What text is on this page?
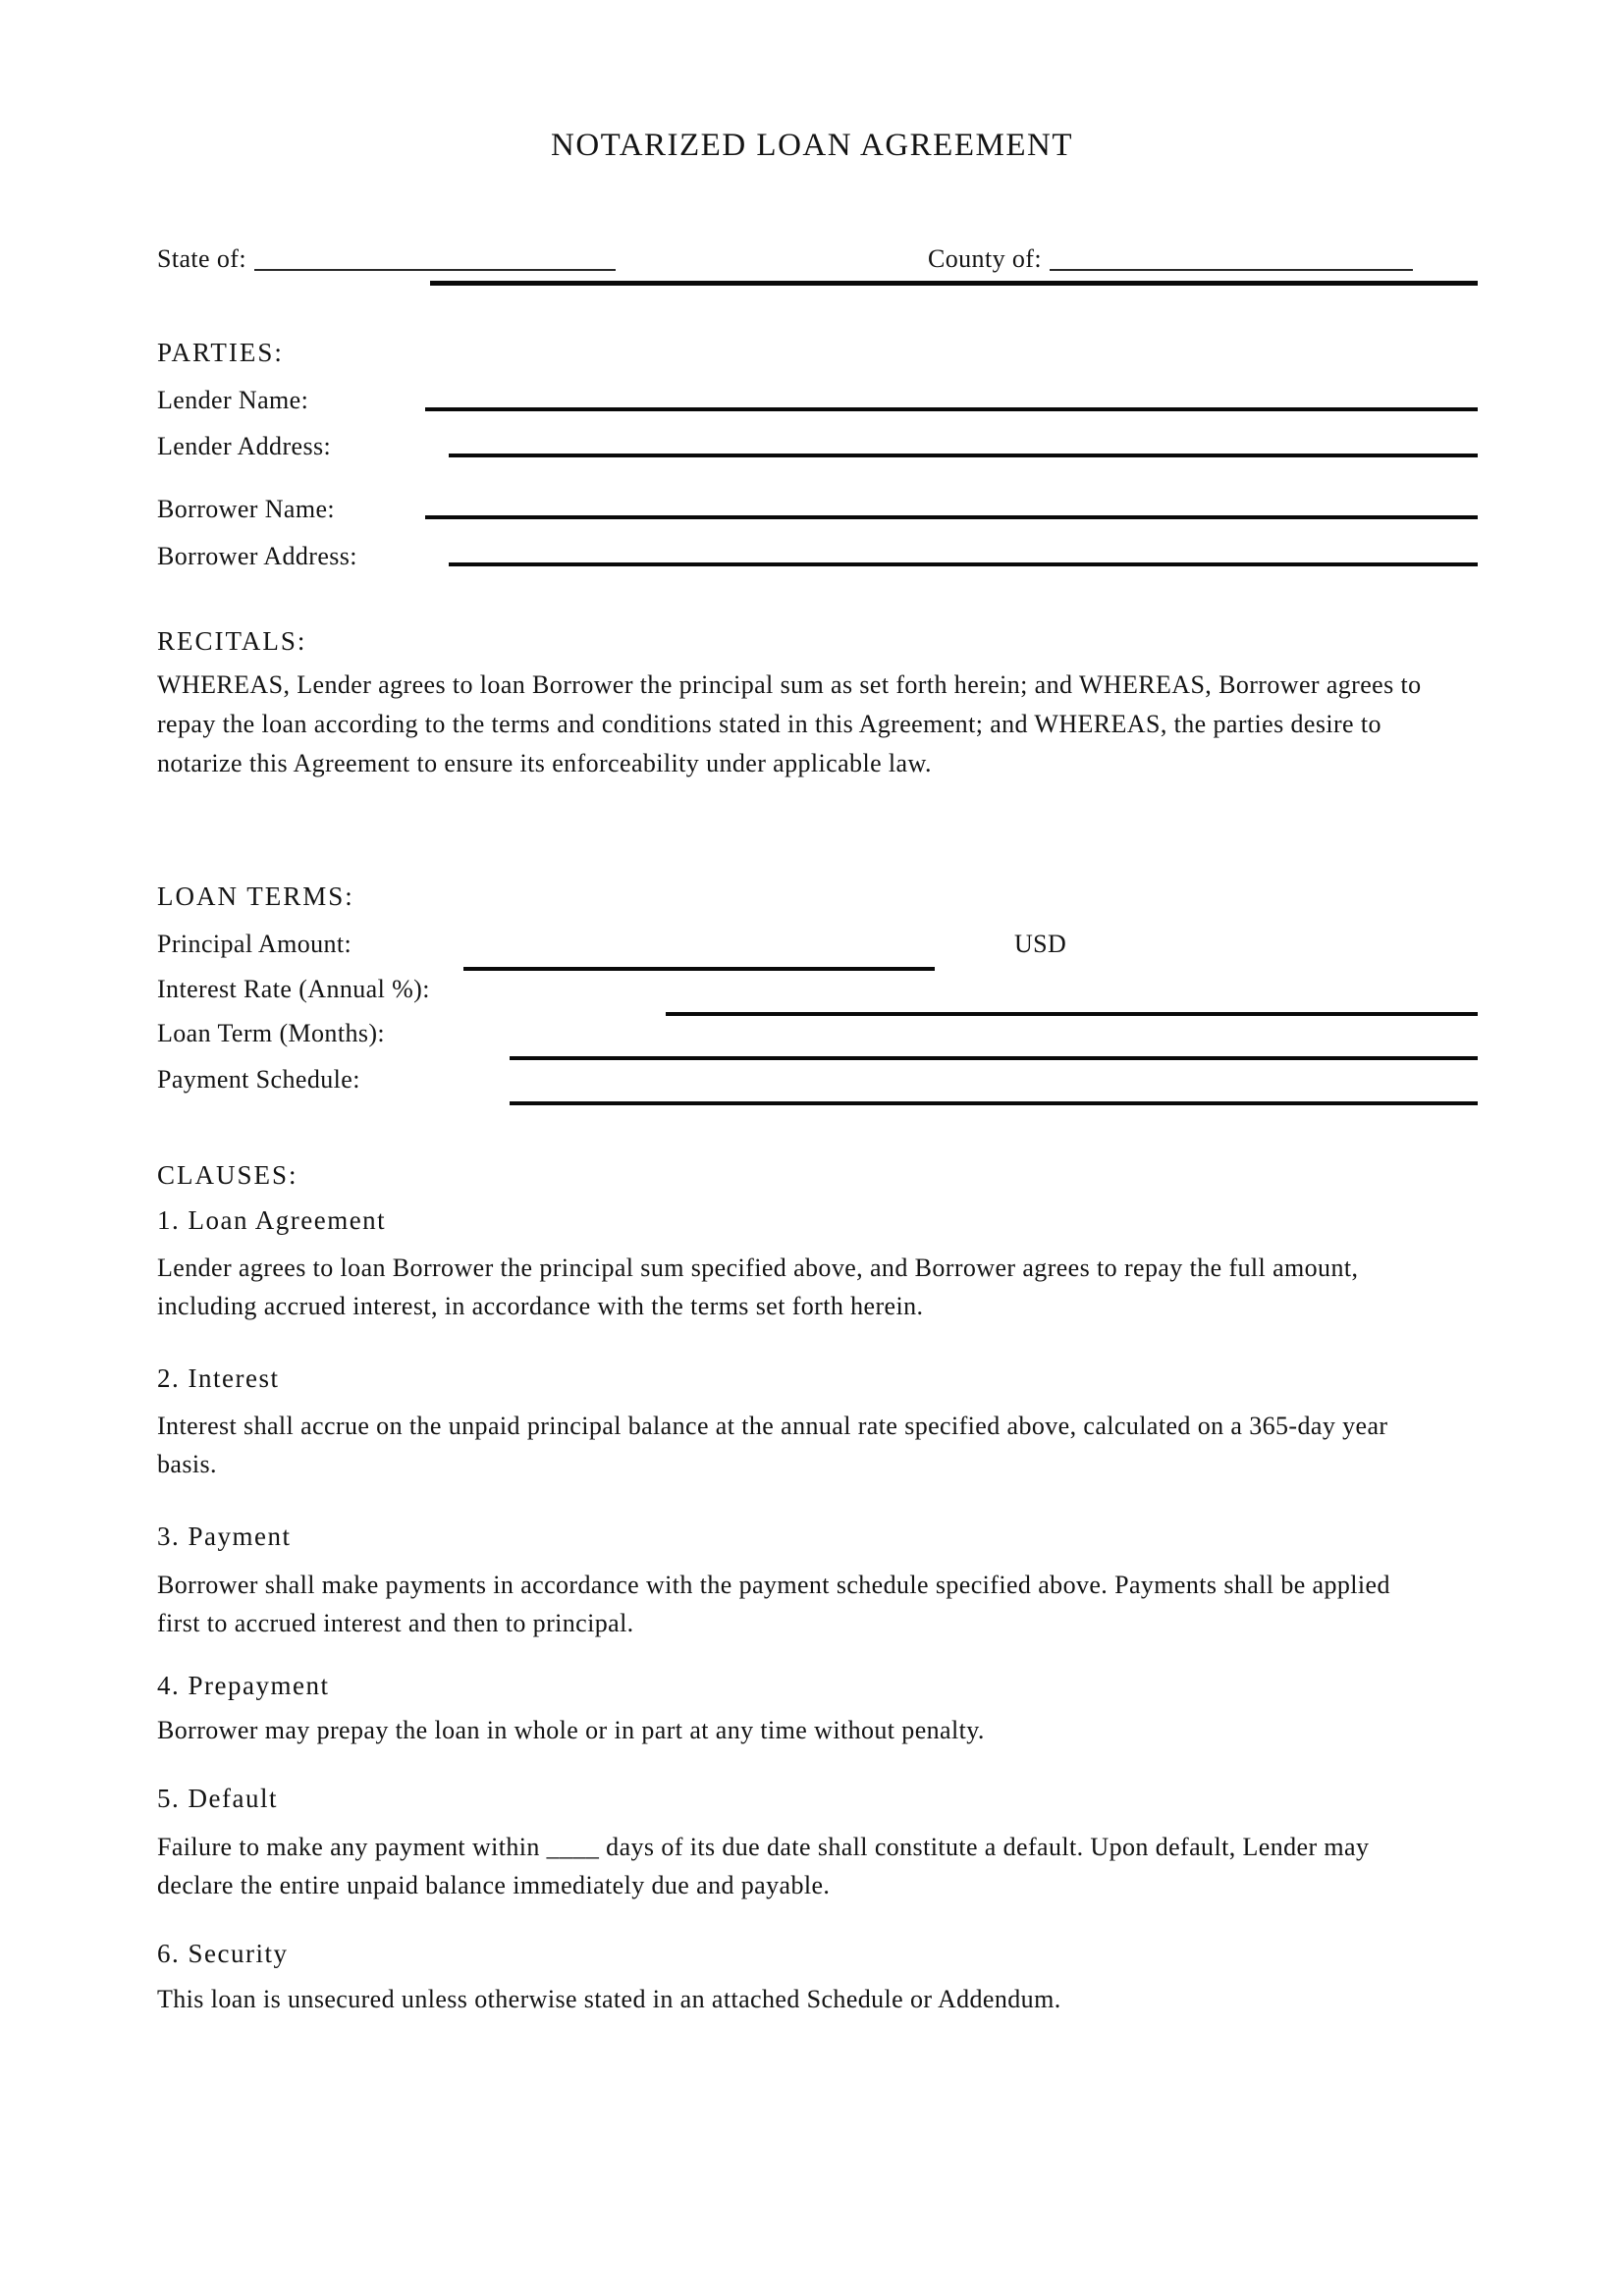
NOTARIZED LOAN AGREEMENT
State of:	County of:
PARTIES:
Lender Name:
Lender Address:
Borrower Name:
Borrower Address:
RECITALS:
WHEREAS, Lender agrees to loan Borrower the principal sum as set forth herein; and WHEREAS, Borrower agrees to
repay the loan according to the terms and conditions stated in this Agreement; and WHEREAS, the parties desire to
notarize this Agreement to ensure its enforceability under applicable law.
LOAN TERMS:
Principal Amount:	USD
Interest Rate (Annual %):
Loan Term (Months):
Payment Schedule:
CLAUSES:
1. Loan Agreement
Lender agrees to loan Borrower the principal sum specified above, and Borrower agrees to repay the full amount,
including accrued interest, in accordance with the terms set forth herein.
2. Interest
Interest shall accrue on the unpaid principal balance at the annual rate specified above, calculated on a 365-day year
basis.
3. Payment
Borrower shall make payments in accordance with the payment schedule specified above. Payments shall be applied
first to accrued interest and then to principal.
4. Prepayment
Borrower may prepay the loan in whole or in part at any time without penalty.
5. Default
Failure to make any payment within ____ days of its due date shall constitute a default. Upon default, Lender may
declare the entire unpaid balance immediately due and payable.
6. Security
This loan is unsecured unless otherwise stated in an attached Schedule or Addendum.
